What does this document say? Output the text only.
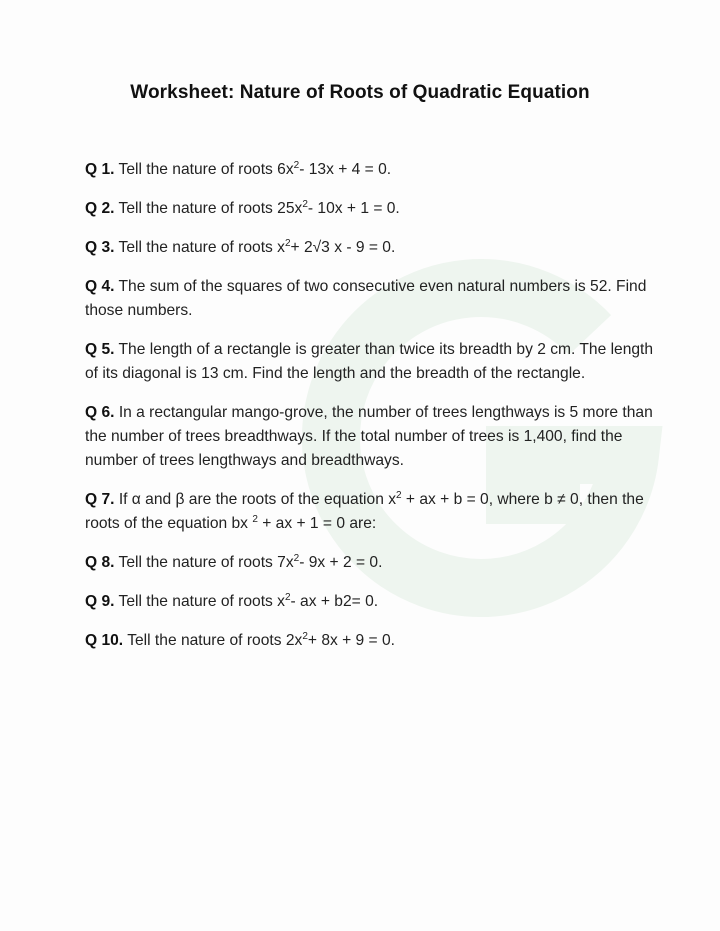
Worksheet: Nature of Roots of Quadratic Equation
Q 1. Tell the nature of roots $6x^2-$ 13x + 4 = 0.
Q 2. Tell the nature of roots $25x^2-$ 10x + 1 = 0.
Q 3. Tell the nature of roots $x^2+ 2√3$ x - 9 = 0.
Q 4. The sum of the squares of two consecutive even natural numbers is 52. Find those numbers.
Q 5. The length of a rectangle is greater than twice its breadth by 2 cm. The length of its diagonal is 13 cm. Find the length and the breadth of the rectangle.
Q 6. In a rectangular mango-grove, the number of trees lengthways is 5 more than the number of trees breadthways. If the total number of trees is 1,400, find the number of trees lengthways and breadthways.
Q 7. If α and β are the roots of the equation $x^2$ + ax + b = 0, where b ≠ 0, then the roots of the equation bx $^2$ + ax + 1 = 0 are:
Q 8. Tell the nature of roots $7x^2-$ 9x + 2 = 0.
Q 9. Tell the nature of roots $x^2-$ ax + b2= 0.
Q 10. Tell the nature of roots $2x^2+ 8x + 9 = 0$.
